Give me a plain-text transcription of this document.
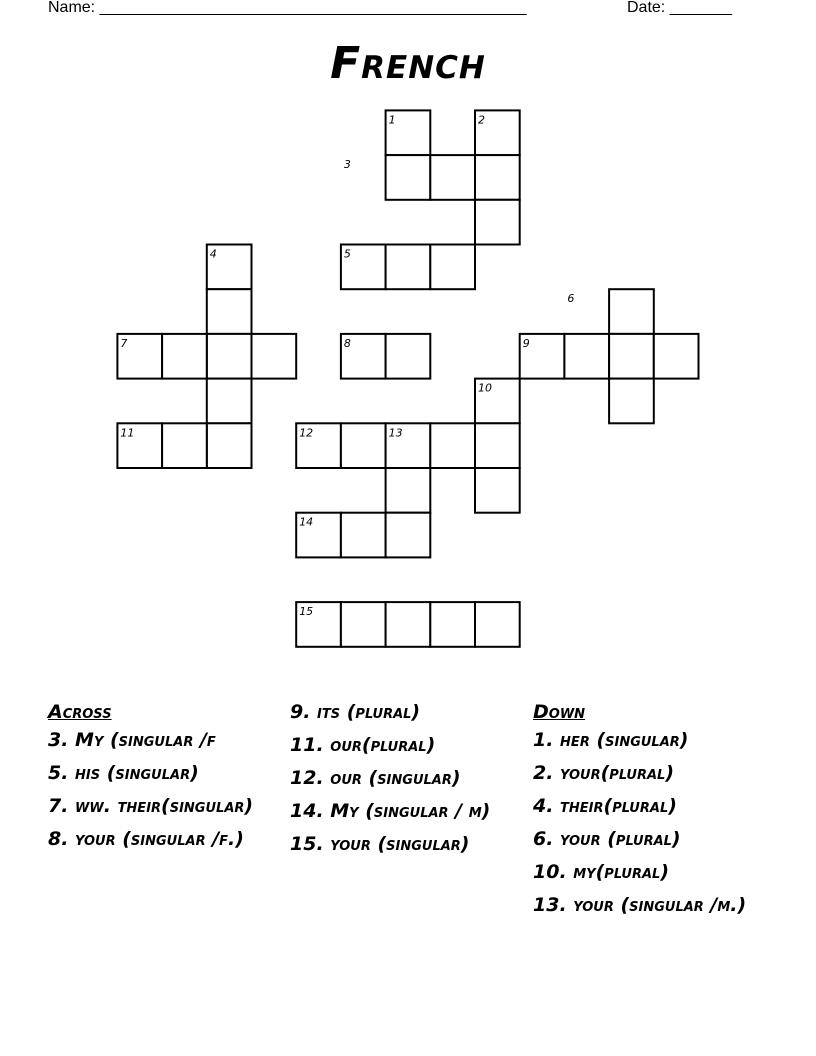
Name: ________________________________________________	Date: _______
French
1	2
3
4	5
6
7	8	9
10
11	12	13
14
15
Across
3. My (singular /f
5. his (singular)
7. ww. their(singular)
8. your (singular /f.)
9. its (plural)
11. our(plural)
12. our (singular)
14. My (singular / m)
15. your (singular)
Down
1. her (singular)
2. your(plural)
4. their(plural)
6. your (plural)
10. my(plural)
13. your (singular /m.)
